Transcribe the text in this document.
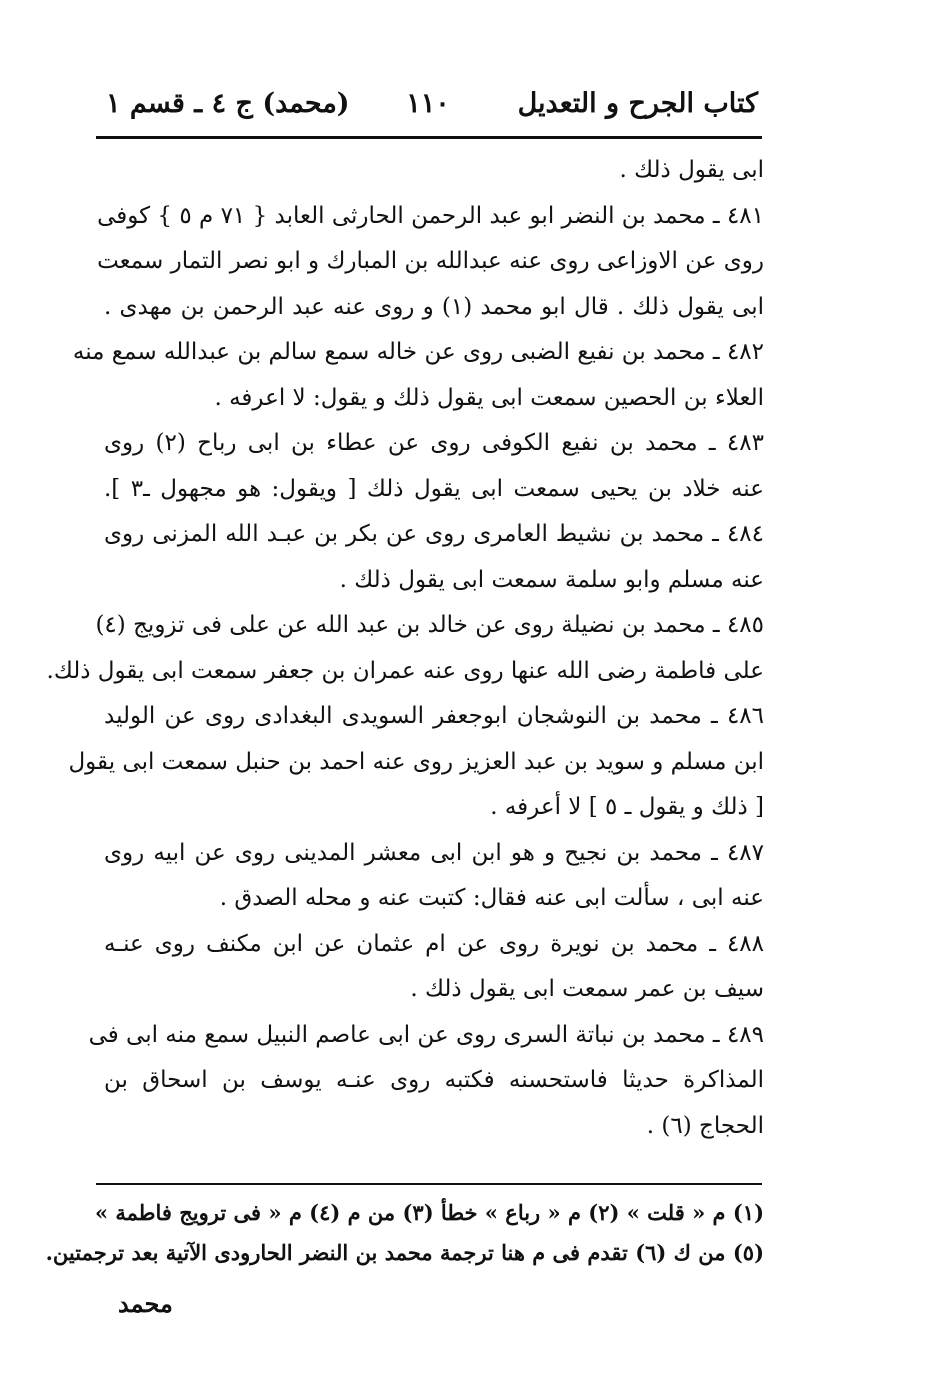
كتاب الجرح و التعديل
١١٠
(محمد) ج ٤ ـ قسم ١
ابى يقول ذلك .
٤٨١ ـ محمد بن النضر ابو عبد الرحمن الحارثى العابد { ٧١ م ٥ } كوفى
روى عن الاوزاعى روى عنه عبدالله بن المبارك و ابو نصر التمار سمعت
ابى يقول ذلك . قال ابو محمد (١) و روى عنه عبد الرحمن بن مهدى .
٤٨٢ ـ محمد بن نفيع الضبى روى عن خاله سمع سالم بن عبدالله سمع منه
العلاء بن الحصين سمعت ابى يقول ذلك و يقول: لا اعرفه .
٤٨٣ ـ محمد بن نفيع الكوفى روى عن عطاء بن ابى رباح (٢) روى
عنه خلاد بن يحيى سمعت ابى يقول ذلك [ ويقول: هو مجهول ـ٣ ].
٤٨٤ ـ محمد بن نشيط العامرى روى عن بكر بن عبـد الله المزنى روى
عنه مسلم وابو سلمة سمعت ابى يقول ذلك .
٤٨٥ ـ محمد بن نضيلة روى عن خالد بن عبد الله عن على فى تزويج (٤)
على فاطمة رضى الله عنها روى عنه عمران بن جعفر سمعت ابى يقول ذلك.
٤٨٦ ـ محمد بن النوشجان ابوجعفر السويدى البغدادى روى عن الوليد
ابن مسلم و سويد بن عبد العزيز روى عنه احمد بن حنبل سمعت ابى يقول
[ ذلك و يقول ـ ٥ ] لا أعرفه .
٤٨٧ ـ محمد بن نجيح و هو ابن ابى معشر المدينى روى عن ابيه روى
عنه ابى ، سألت ابى عنه فقال: كتبت عنه و محله الصدق .
٤٨٨ ـ محمد بن نويرة روى عن ام عثمان عن ابن مكنف روى عنـه
سيف بن عمر سمعت ابى يقول ذلك .
٤٨٩ ـ محمد بن نباتة السرى روى عن ابى عاصم النبيل سمع منه ابى فى
المذاكرة حديثا فاستحسنه فكتبه روى عنـه يوسف بن اسحاق بن
الحجاج (٦) .
(١) م « قلت » (٢) م « رباع » خطأ (٣) من م (٤) م « فى ترويج فاطمة »
(٥) من ك (٦) تقدم فى م هنا ترجمة محمد بن النضر الحارودى الآتية بعد ترجمتين.
محمد
